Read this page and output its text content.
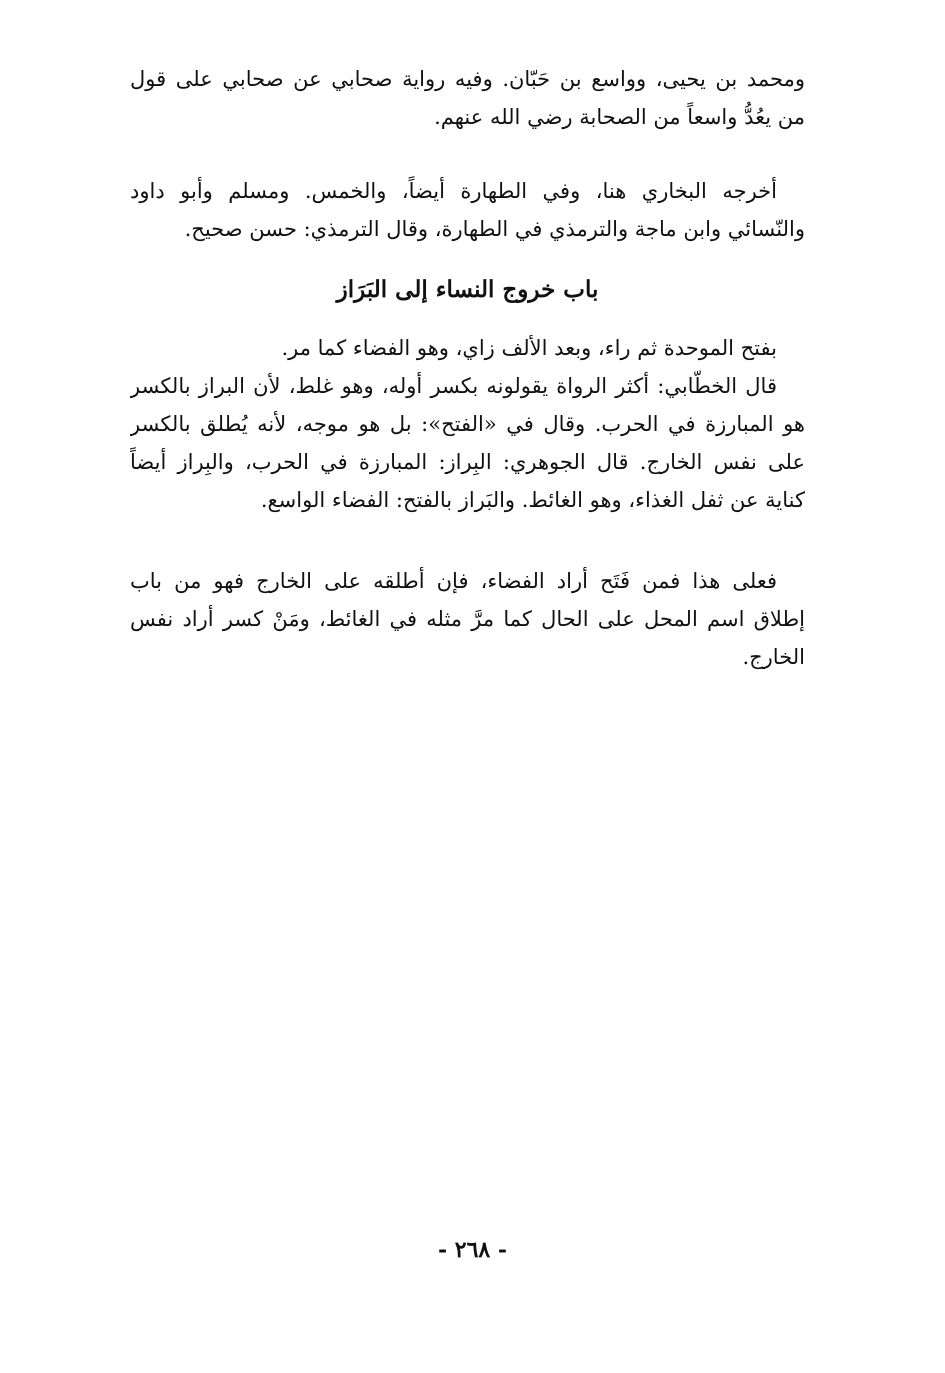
ومحمد بن يحيى، وواسع بن حَبّان. وفيه رواية صحابي عن صحابي على قول
من يعُدُّ واسعاً من الصحابة رضي الله عنهم.
أخرجه البخاري هنا، وفي الطهارة أيضاً، والخمس. ومسلم وأبو داود
والنّسائي وابن ماجة والترمذي في الطهارة، وقال الترمذي: حسن صحيح.
باب خروج النساء إلى البَرَاز
بفتح الموحدة ثم راء، وبعد الألف زاي، وهو الفضاء كما مر.
قال الخطّابي: أكثر الرواة يقولونه بكسر أوله، وهو غلط، لأن البراز بالكسر
هو المبارزة في الحرب. وقال في «الفتح»: بل هو موجه، لأنه يُطلق بالكسر
على نفس الخارج. قال الجوهري: البِراز: المبارزة في الحرب، والبِراز أيضاً
كناية عن ثفل الغذاء، وهو الغائط. والبَراز بالفتح: الفضاء الواسع.
فعلى هذا فمن فَتَح أراد الفضاء، فإن أطلقه على الخارج فهو من باب
إطلاق اسم المحل على الحال كما مرَّ مثله في الغائط، ومَنْ كسر أراد نفس
الخارج.
- ٢٦٨ -
